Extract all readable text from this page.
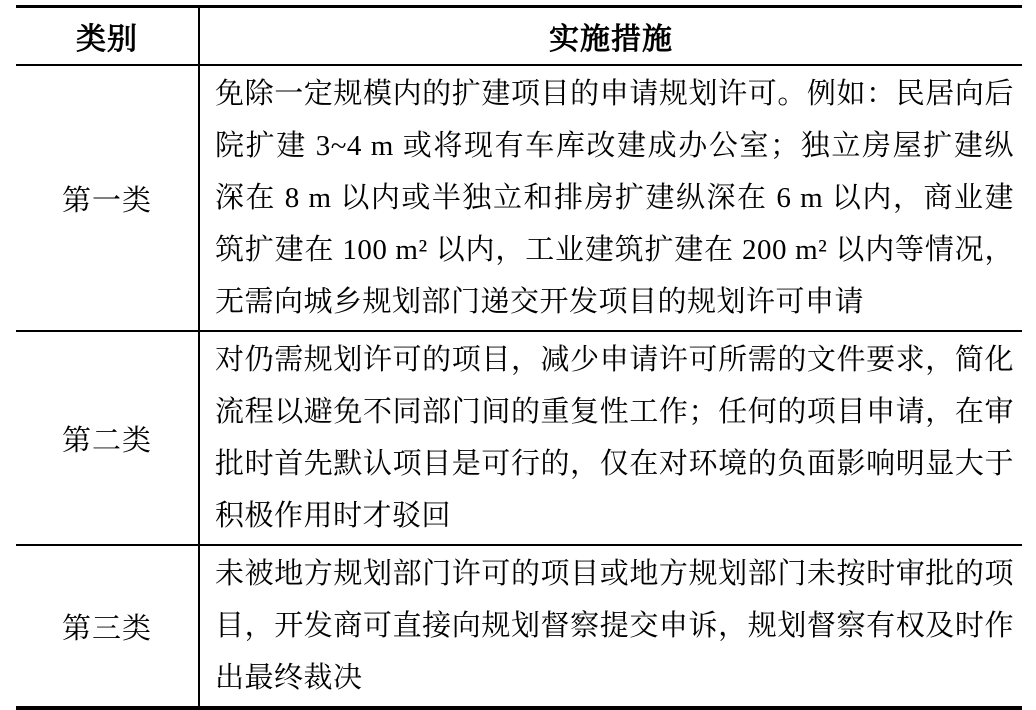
类别	实施措施
第一类	免除一定规模内的扩建项目的申请规划许可。例如：民居向后院扩建 3~4 m 或将现有车库改建成办公室；独立房屋扩建纵深在 8 m 以内或半独立和排房扩建纵深在 6 m 以内，商业建筑扩建在 100 m² 以内，工业建筑扩建在 200 m² 以内等情况，无需向城乡规划部门递交开发项目的规划许可申请
第二类	对仍需规划许可的项目，减少申请许可所需的文件要求，简化流程以避免不同部门间的重复性工作；任何的项目申请，在审批时首先默认项目是可行的，仅在对环境的负面影响明显大于积极作用时才驳回
第三类	未被地方规划部门许可的项目或地方规划部门未按时审批的项目，开发商可直接向规划督察提交申诉，规划督察有权及时作出最终裁决
